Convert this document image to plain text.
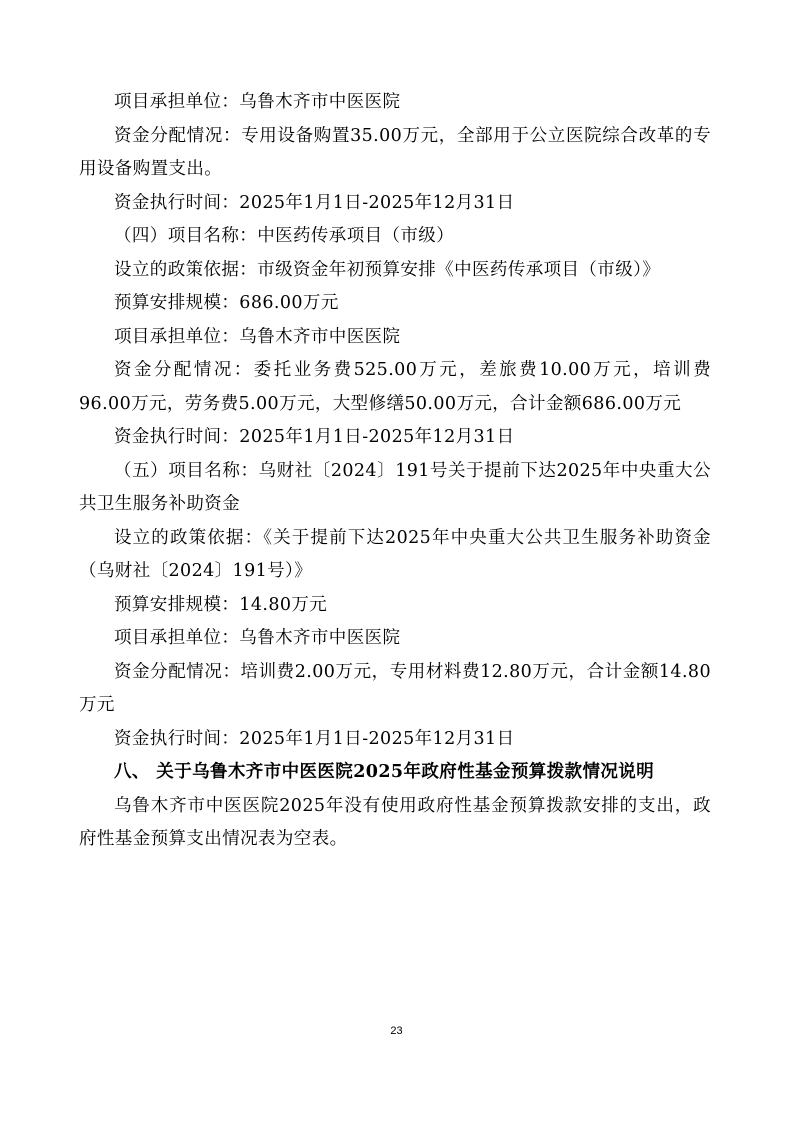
项目承担单位：乌鲁木齐市中医医院

资金分配情况：专用设备购置35.00万元，全部用于公立医院综合改革的专用设备购置支出。

资金执行时间：2025年1月1日-2025年12月31日

（四）项目名称：中医药传承项目（市级）

设立的政策依据：市级资金年初预算安排《中医药传承项目（市级）》

预算安排规模：686.00万元

项目承担单位：乌鲁木齐市中医医院

资金分配情况：委托业务费525.00万元，差旅费10.00万元，培训费96.00万元，劳务费5.00万元，大型修缮50.00万元，合计金额686.00万元

资金执行时间：2025年1月1日-2025年12月31日

（五）项目名称：乌财社〔2024〕191号关于提前下达2025年中央重大公共卫生服务补助资金

设立的政策依据：《关于提前下达2025年中央重大公共卫生服务补助资金（乌财社〔2024〕191号）》

预算安排规模：14.80万元

项目承担单位：乌鲁木齐市中医医院

资金分配情况：培训费2.00万元，专用材料费12.80万元，合计金额14.80万元

资金执行时间：2025年1月1日-2025年12月31日

八、 关于乌鲁木齐市中医医院2025年政府性基金预算拨款情况说明

乌鲁木齐市中医医院2025年没有使用政府性基金预算拨款安排的支出，政府性基金预算支出情况表为空表。

23
